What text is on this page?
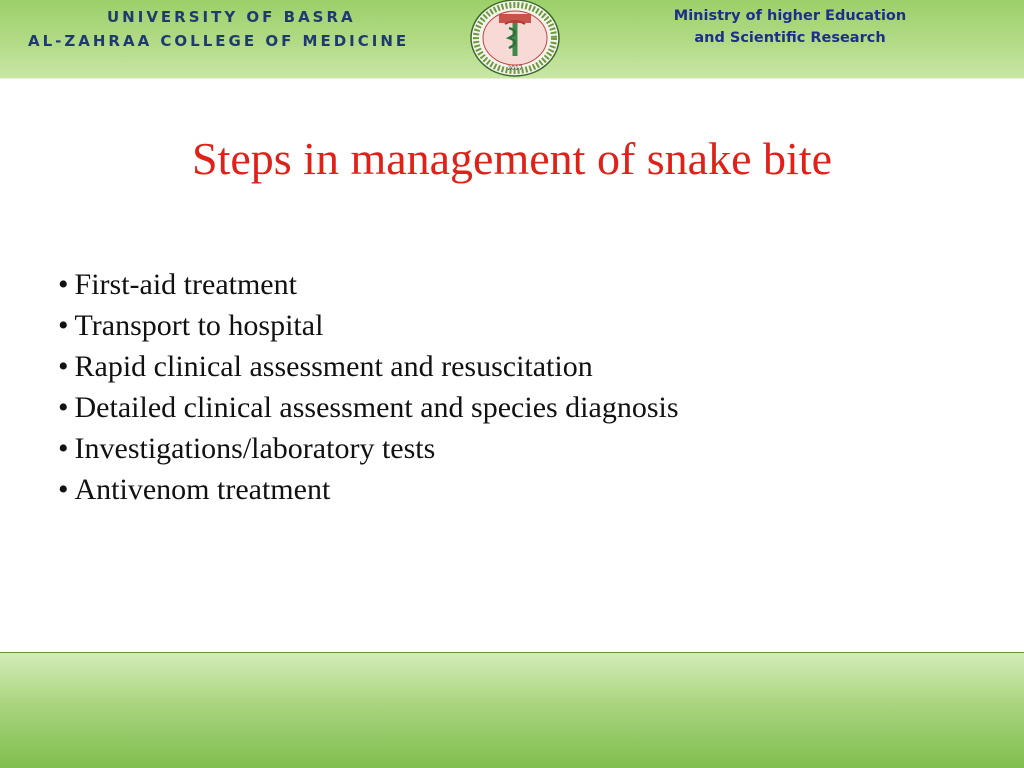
UNIVERSITY OF BASRA
AL-ZAHRAA COLLEGE OF MEDICINE
2017
Ministry of higher Education
and Scientific Research
Steps in management of snake bite
• First-aid treatment
• Transport to hospital
• Rapid clinical assessment and resuscitation
• Detailed clinical assessment and species diagnosis
• Investigations/laboratory tests
• Antivenom treatment
